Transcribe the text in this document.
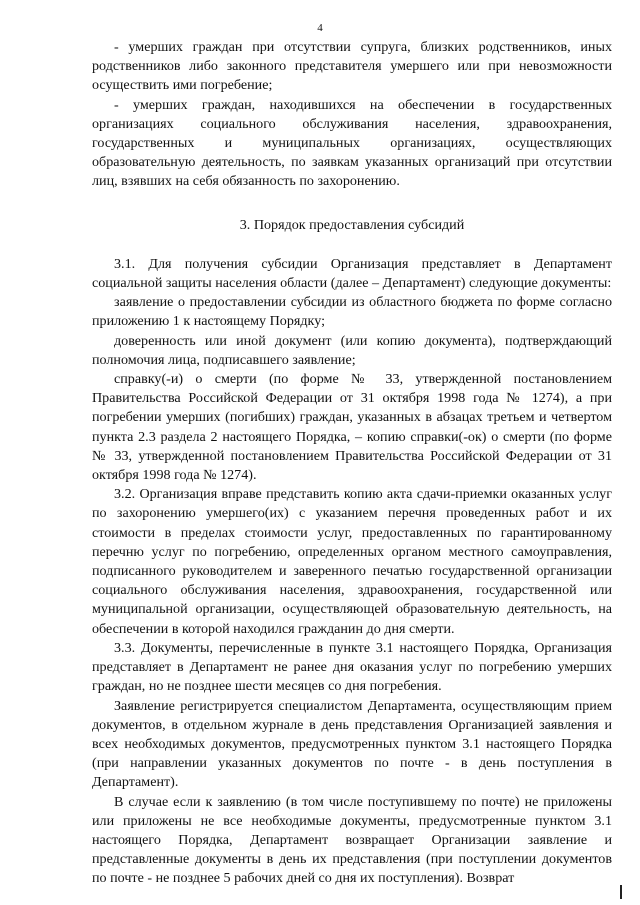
4

- умерших граждан при отсутствии супруга, близких родственников, иных родственников либо законного представителя умершего или при невозможности осуществить ими погребение;

- умерших граждан, находившихся на обеспечении в государственных организациях социального обслуживания населения, здравоохранения, государственных и муниципальных организациях, осуществляющих образовательную деятельность, по заявкам указанных организаций при отсутствии лиц, взявших на себя обязанность по захоронению.

3. Порядок предоставления субсидий

3.1. Для получения субсидии Организация представляет в Департамент социальной защиты населения области (далее – Департамент) следующие документы:

заявление о предоставлении субсидии из областного бюджета по форме согласно приложению 1 к настоящему Порядку;

доверенность или иной документ (или копию документа), подтверждающий полномочия лица, подписавшего заявление;

справку(-и) о смерти (по форме № 33, утвержденной постановлением Правительства Российской Федерации от 31 октября 1998 года № 1274), а при погребении умерших (погибших) граждан, указанных в абзацах третьем и четвертом пункта 2.3 раздела 2 настоящего Порядка, – копию справки(-ок) о смерти (по форме № 33, утвержденной постановлением Правительства Российской Федерации от 31 октября 1998 года № 1274).

3.2. Организация вправе представить копию акта сдачи-приемки оказанных услуг по захоронению умершего(их) с указанием перечня проведенных работ и их стоимости в пределах стоимости услуг, предоставленных по гарантированному перечню услуг по погребению, определенных органом местного самоуправления, подписанного руководителем и заверенного печатью государственной организации социального обслуживания населения, здравоохранения, государственной или муниципальной организации, осуществляющей образовательную деятельность, на обеспечении в которой находился гражданин до дня смерти.

3.3. Документы, перечисленные в пункте 3.1 настоящего Порядка, Организация представляет в Департамент не ранее дня оказания услуг по погребению умерших граждан, но не позднее шести месяцев со дня погребения.

Заявление регистрируется специалистом Департамента, осуществляющим прием документов, в отдельном журнале в день представления Организацией заявления и всех необходимых документов, предусмотренных пунктом 3.1 настоящего Порядка (при направлении указанных документов по почте - в день поступления в Департамент).

В случае если к заявлению (в том числе поступившему по почте) не приложены или приложены не все необходимые документы, предусмотренные пунктом 3.1 настоящего Порядка, Департамент возвращает Организации заявление и представленные документы в день их представления (при поступлении документов по почте - не позднее 5 рабочих дней со дня их поступления). Возврат
